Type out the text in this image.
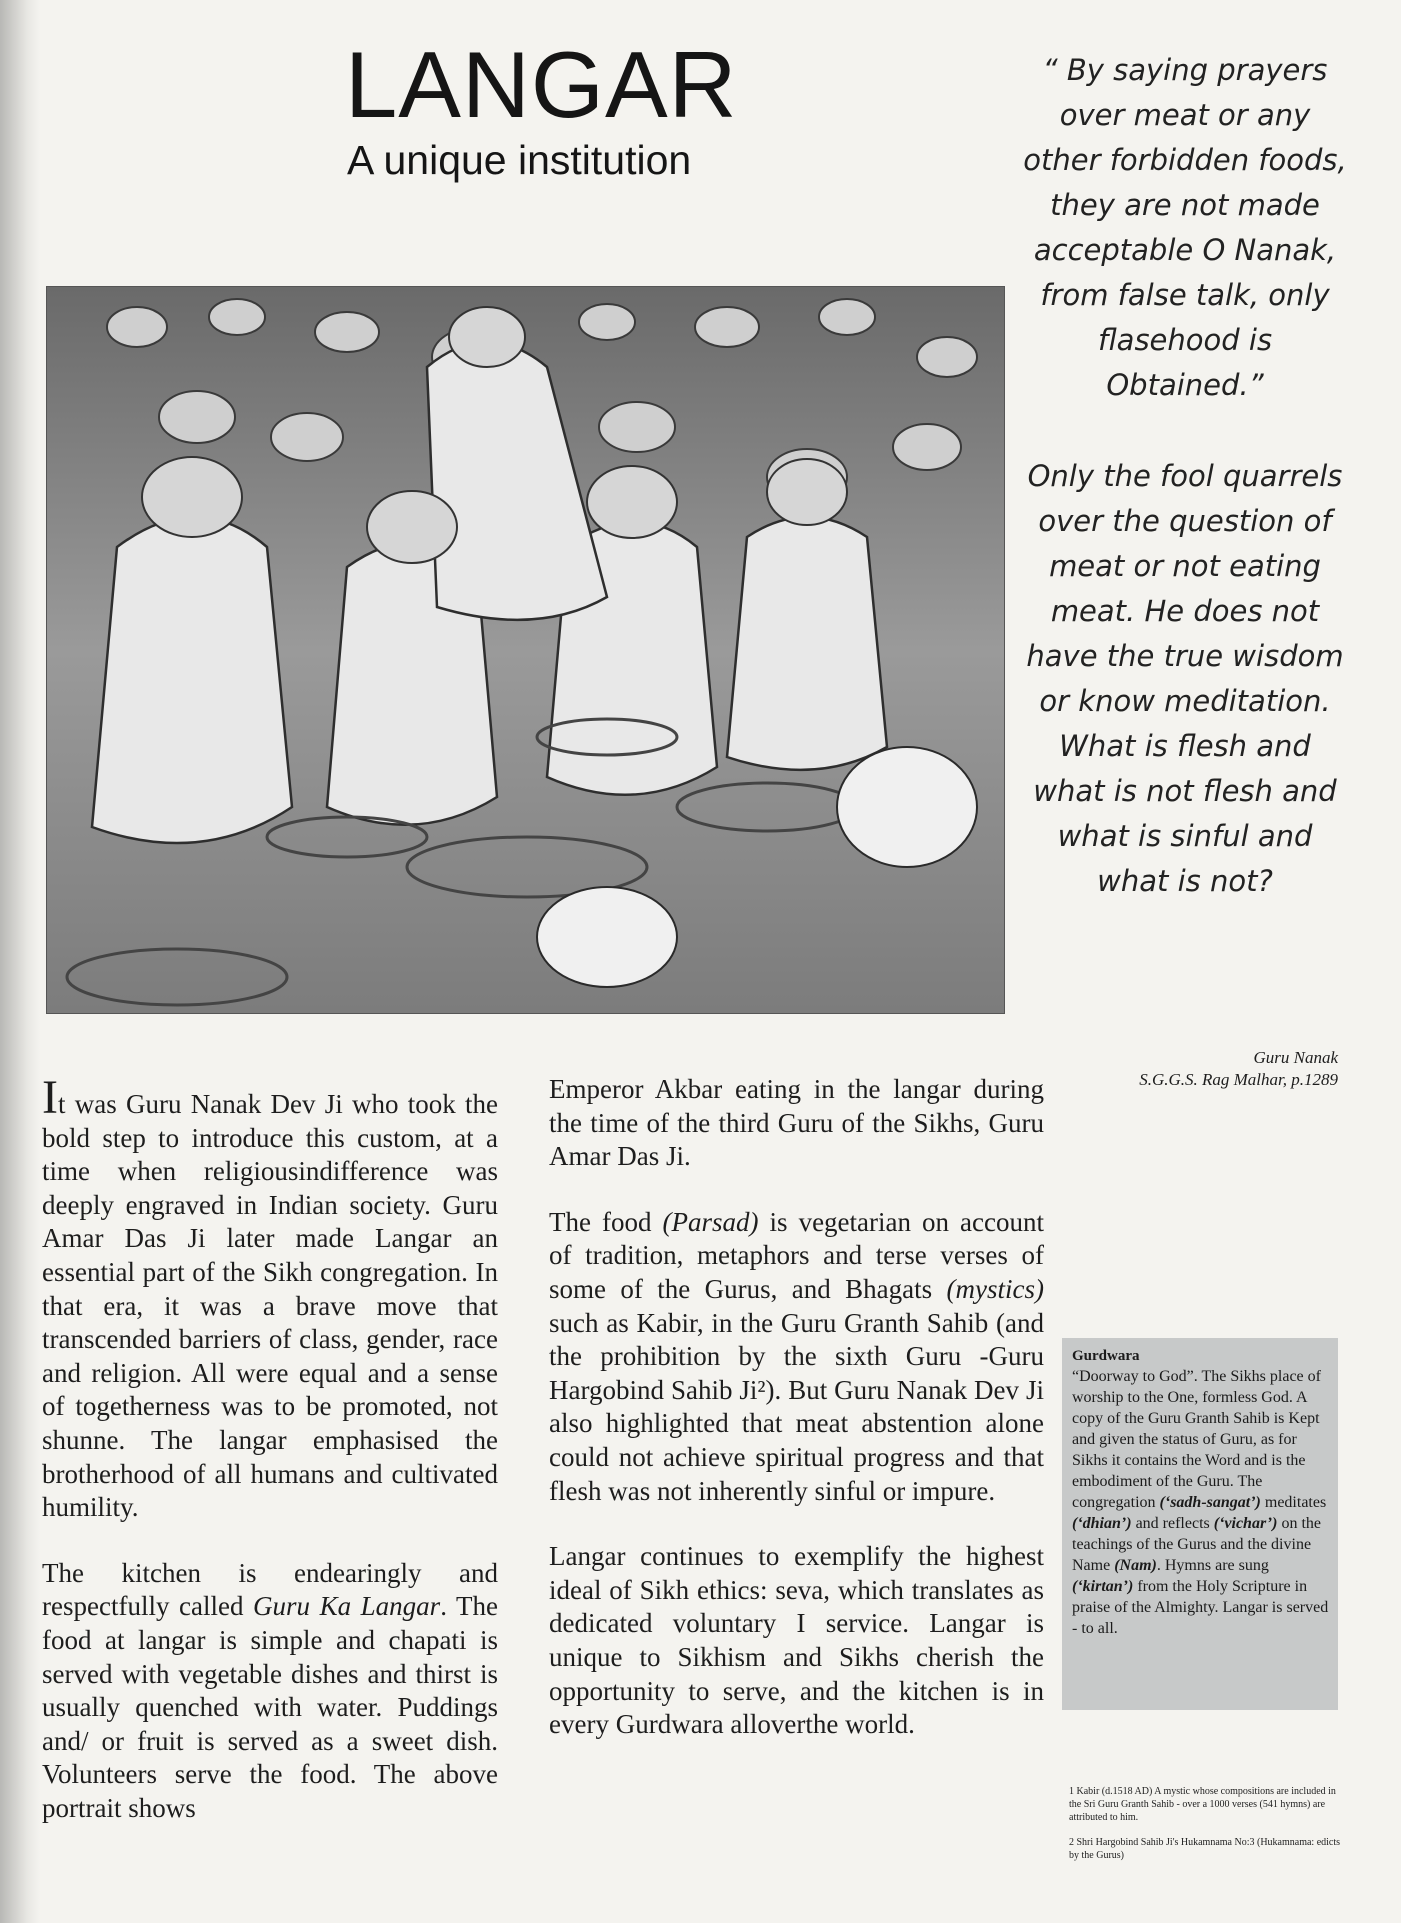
LANGAR
A unique institution

“ By saying prayers over meat or any other forbidden foods, they are not made acceptable O Nanak, from false talk, only flasehood is Obtained.”

Only the fool quarrels over the question of meat or not eating meat. He does not have the true wisdom or know meditation. What is flesh and what is not flesh and what is sinful and what is not?

Guru Nanak
S.G.G.S. Rag Malhar, p.1289

It was Guru Nanak Dev Ji who took the bold step to introduce this custom, at a time when religiousindifference was deeply engraved in Indian society. Guru Amar Das Ji later made Langar an essential part of the Sikh congregation. In that era, it was a brave move that transcended barriers of class, gender, race and religion. All were equal and a sense of togetherness was to be promoted, not shunne. The langar emphasised the brotherhood of all humans and cultivated humility.

The kitchen is endearingly and respectfully called Guru Ka Langar. The food at langar is simple and chapati is served with vegetable dishes and thirst is usually quenched with water. Puddings and/ or fruit is served as a sweet dish. Volunteers serve the food. The above portrait shows

Emperor Akbar eating in the langar during the time of the third Guru of the Sikhs, Guru Amar Das Ji.

The food (Parsad) is vegetarian on account of tradition, metaphors and terse verses of some of the Gurus, and Bhagats (mystics) such as Kabir, in the Guru Granth Sahib (and the prohibition by the sixth Guru -Guru Hargobind Sahib Ji²). But Guru Nanak Dev Ji also highlighted that meat abstention alone could not achieve spiritual progress and that flesh was not inherently sinful or impure.

Langar continues to exemplify the highest ideal of Sikh ethics: seva, which translates as dedicated voluntary I service. Langar is unique to Sikhism and Sikhs cherish the opportunity to serve, and the kitchen is in every Gurdwara alloverthe world.

Gurdwara
“Doorway to God”. The Sikhs place of worship to the One, formless God. A copy of the Guru Granth Sahib is Kept and given the status of Guru, as for Sikhs it contains the Word and is the embodiment of the Guru. The congregation (‘sadh-sangat’) meditates (‘dhian’) and reflects (‘vichar’) on the teachings of the Gurus and the divine Name (Nam). Hymns are sung (‘kirtan’) from the Holy Scripture in praise of the Almighty. Langar is served - to all.

1 Kabir (d.1518 AD) A mystic whose compositions are included in the Sri Guru Granth Sahib - over a 1000 verses (541 hymns) are attributed to him.

2 Shri Hargobind Sahib Ji's Hukamnama No:3 (Hukamnama: edicts by the Gurus)
